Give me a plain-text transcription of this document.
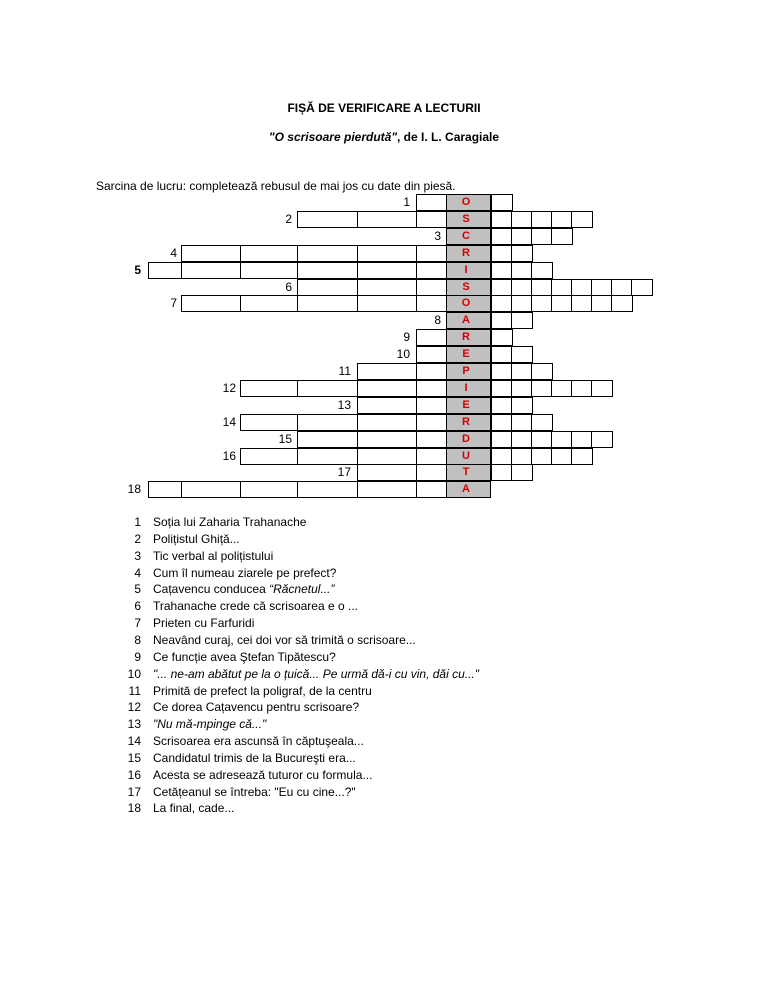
FIȘĂ DE VERIFICARE A LECTURII
"O scrisoare pierdută", de I. L. Caragiale
Sarcina de lucru: completează rebusul de mai jos cu date din piesă.
O
1
S
2
C
3
R
4
I
5
S
6
O
7
A
8
R
9
E
10
P
11
I
12
E
13
R
14
D
15
U
16
T
17
A
18
1 Soția lui Zaharia Trahanache
2 Polițistul Ghiță...
3 Tic verbal al polițistului
4 Cum îl numeau ziarele pe prefect?
5 Cațavencu conducea “Răcnetul...”
6 Trahanache crede că scrisoarea e o ...
7 Prieten cu Farfuridi
8 Neavând curaj, cei doi vor să trimită o scrisoare...
9 Ce funcție avea Ştefan Tipătescu?
10 "... ne-am abătut pe la o țuică... Pe urmă dă-i cu vin, dăi cu..."
11 Primită de prefect la poligraf, de la centru
12 Ce dorea Cațavencu pentru scrisoare?
13 "Nu mă-mpinge că..."
14 Scrisoarea era ascunsă în căptuşeala...
15 Candidatul trimis de la Bucureşti era...
16 Acesta se adresează tuturor cu formula...
17 Cetățeanul se întreba: "Eu cu cine...?"
18 La final, cade...
